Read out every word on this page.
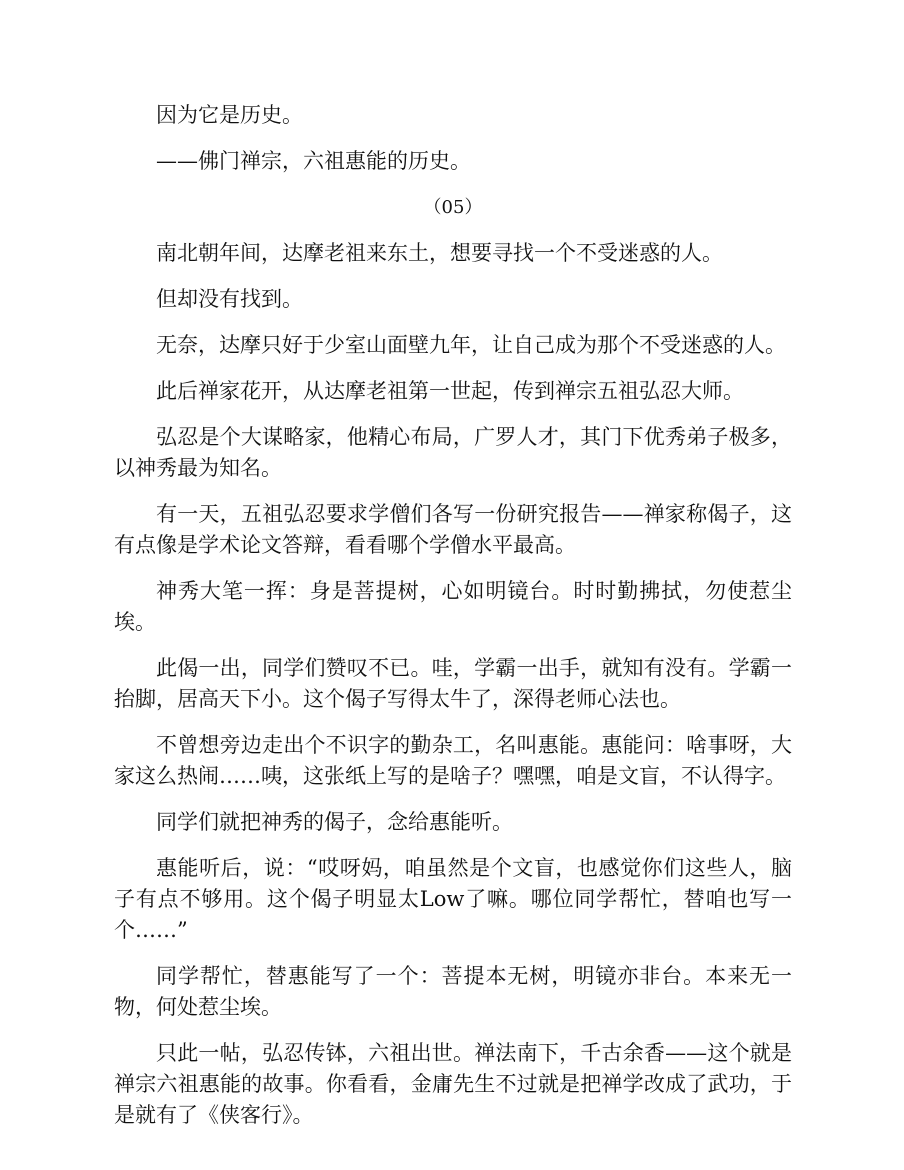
因为它是历史。

——佛门禅宗，六祖惠能的历史。

（05）

南北朝年间，达摩老祖来东土，想要寻找一个不受迷惑的人。

但却没有找到。

无奈，达摩只好于少室山面壁九年，让自己成为那个不受迷惑的人。

此后禅家花开，从达摩老祖第一世起，传到禅宗五祖弘忍大师。

弘忍是个大谋略家，他精心布局，广罗人才，其门下优秀弟子极多，以神秀最为知名。

有一天，五祖弘忍要求学僧们各写一份研究报告——禅家称偈子，这有点像是学术论文答辩，看看哪个学僧水平最高。

神秀大笔一挥：身是菩提树，心如明镜台。时时勤拂拭，勿使惹尘埃。

此偈一出，同学们赞叹不已。哇，学霸一出手，就知有没有。学霸一抬脚，居高天下小。这个偈子写得太牛了，深得老师心法也。

不曾想旁边走出个不识字的勤杂工，名叫惠能。惠能问：啥事呀，大家这么热闹……咦，这张纸上写的是啥子？嘿嘿，咱是文盲，不认得字。

同学们就把神秀的偈子，念给惠能听。

惠能听后，说：“哎呀妈，咱虽然是个文盲，也感觉你们这些人，脑子有点不够用。这个偈子明显太Low了嘛。哪位同学帮忙，替咱也写一个……”

同学帮忙，替惠能写了一个：菩提本无树，明镜亦非台。本来无一物，何处惹尘埃。

只此一帖，弘忍传钵，六祖出世。禅法南下，千古余香——这个就是禅宗六祖惠能的故事。你看看，金庸先生不过就是把禅学改成了武功，于是就有了《侠客行》。
